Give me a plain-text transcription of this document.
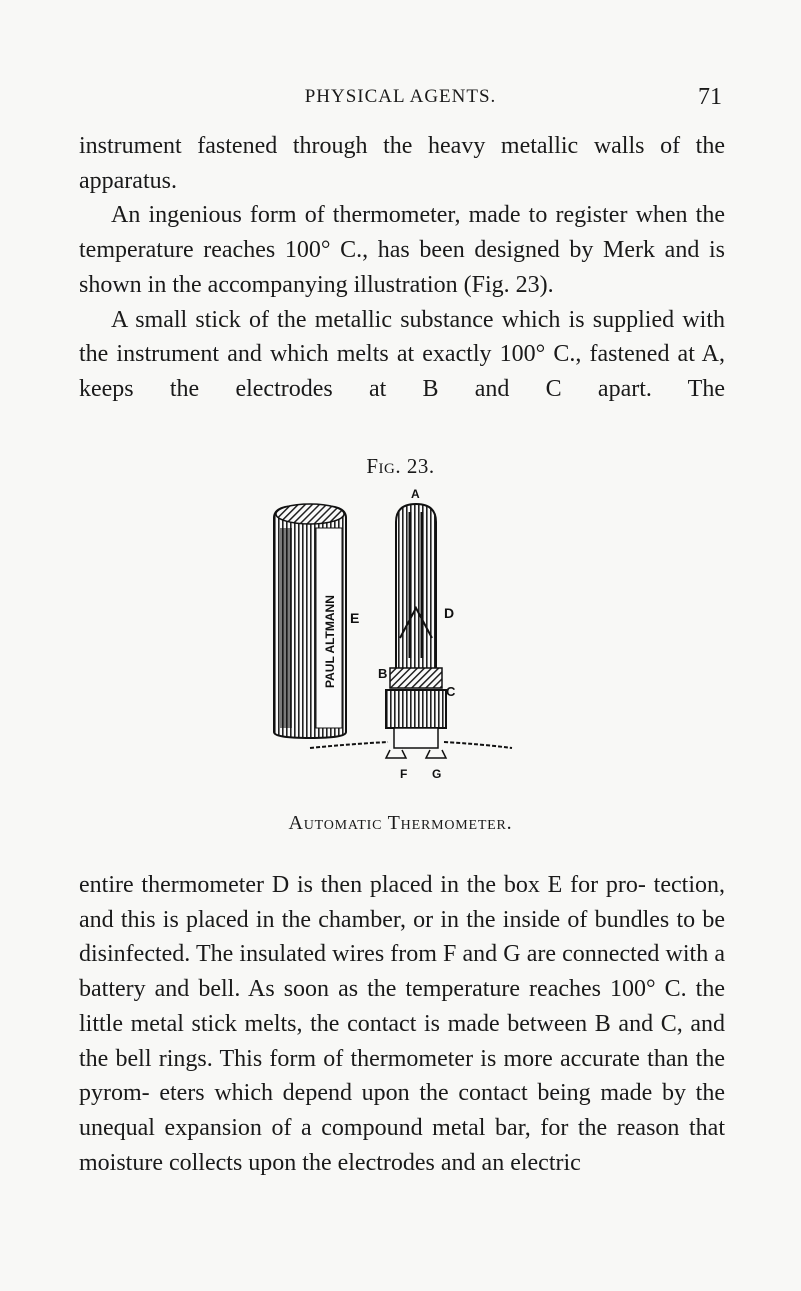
PHYSICAL AGENTS.	71

instrument fastened through the heavy metallic walls of the apparatus.

An ingenious form of thermometer, made to register when the temperature reaches 100° C., has been designed by Merk and is shown in the accompanying illustration (Fig. 23).

A small stick of the metallic substance which is supplied with the instrument and which melts at exactly 100° C., fastened at A, keeps the electrodes at B and C apart. The

Fig. 23.
PAUL ALTMANN E
A
D
B
C
F G
Automatic Thermometer.

entire thermometer D is then placed in the box E for pro- tection, and this is placed in the chamber, or in the inside of bundles to be disinfected. The insulated wires from F and G are connected with a battery and bell. As soon as the temperature reaches 100° C. the little metal stick melts, the contact is made between B and C, and the bell rings. This form of thermometer is more accurate than the pyrom- eters which depend upon the contact being made by the unequal expansion of a compound metal bar, for the reason that moisture collects upon the electrodes and an electric
